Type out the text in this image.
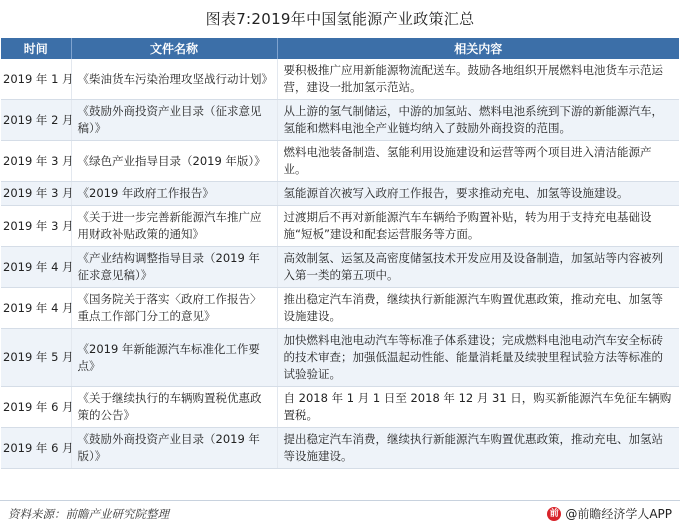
图表7:2019年中国氢能源产业政策汇总
时间	文件名称	相关内容
2019 年 1 月	《柴油货车污染治理攻坚战行动计划》	要积极推广应用新能源物流配送车。鼓励各地组织开展燃料电池货车示范运营，建设一批加氢示范站。
2019 年 2 月	《鼓励外商投资产业目录（征求意见稿）》	从上游的氢气制储运，中游的加氢站、燃料电池系统到下游的新能源汽车，氢能和燃料电池全产业链均纳入了鼓励外商投资的范围。
2019 年 3 月	《绿色产业指导目录（2019 年版）》	燃料电池装备制造、氢能利用设施建设和运营等两个项目进入清洁能源产业。
2019 年 3 月	《2019 年政府工作报告》	氢能源首次被写入政府工作报告，要求推动充电、加氢等设施建设。
2019 年 3 月	《关于进一步完善新能源汽车推广应用财政补贴政策的通知》	过渡期后不再对新能源汽车车辆给予购置补贴，转为用于支持充电基础设施“短板”建设和配套运营服务等方面。
2019 年 4 月	《产业结构调整指导目录（2019 年征求意见稿）》	高效制氢、运氢及高密度储氢技术开发应用及设备制造，加氢站等内容被列入第一类的第五项中。
2019 年 4 月	《国务院关于落实〈政府工作报告〉重点工作部门分工的意见》	推出稳定汽车消费，继续执行新能源汽车购置优惠政策，推动充电、加氢等设施建设。
2019 年 5 月	《2019 年新能源汽车标准化工作要点》	加快燃料电池电动汽车等标准子体系建设；完成燃料电池电动汽车安全标砖的技术审查；加强低温起动性能、能量消耗量及续驶里程试验方法等标准的试验验证。
2019 年 6 月	《关于继续执行的车辆购置税优惠政策的公告》	自 2018 年 1 月 1 日至 2018 年 12 月 31 日，购买新能源汽车免征车辆购置税。
2019 年 6 月	《鼓励外商投资产业目录（2019 年版）》	提出稳定汽车消费，继续执行新能源汽车购置优惠政策，推动充电、加氢站等设施建设。
资料来源：前瞻产业研究院整理	前 @前瞻经济学人APP
